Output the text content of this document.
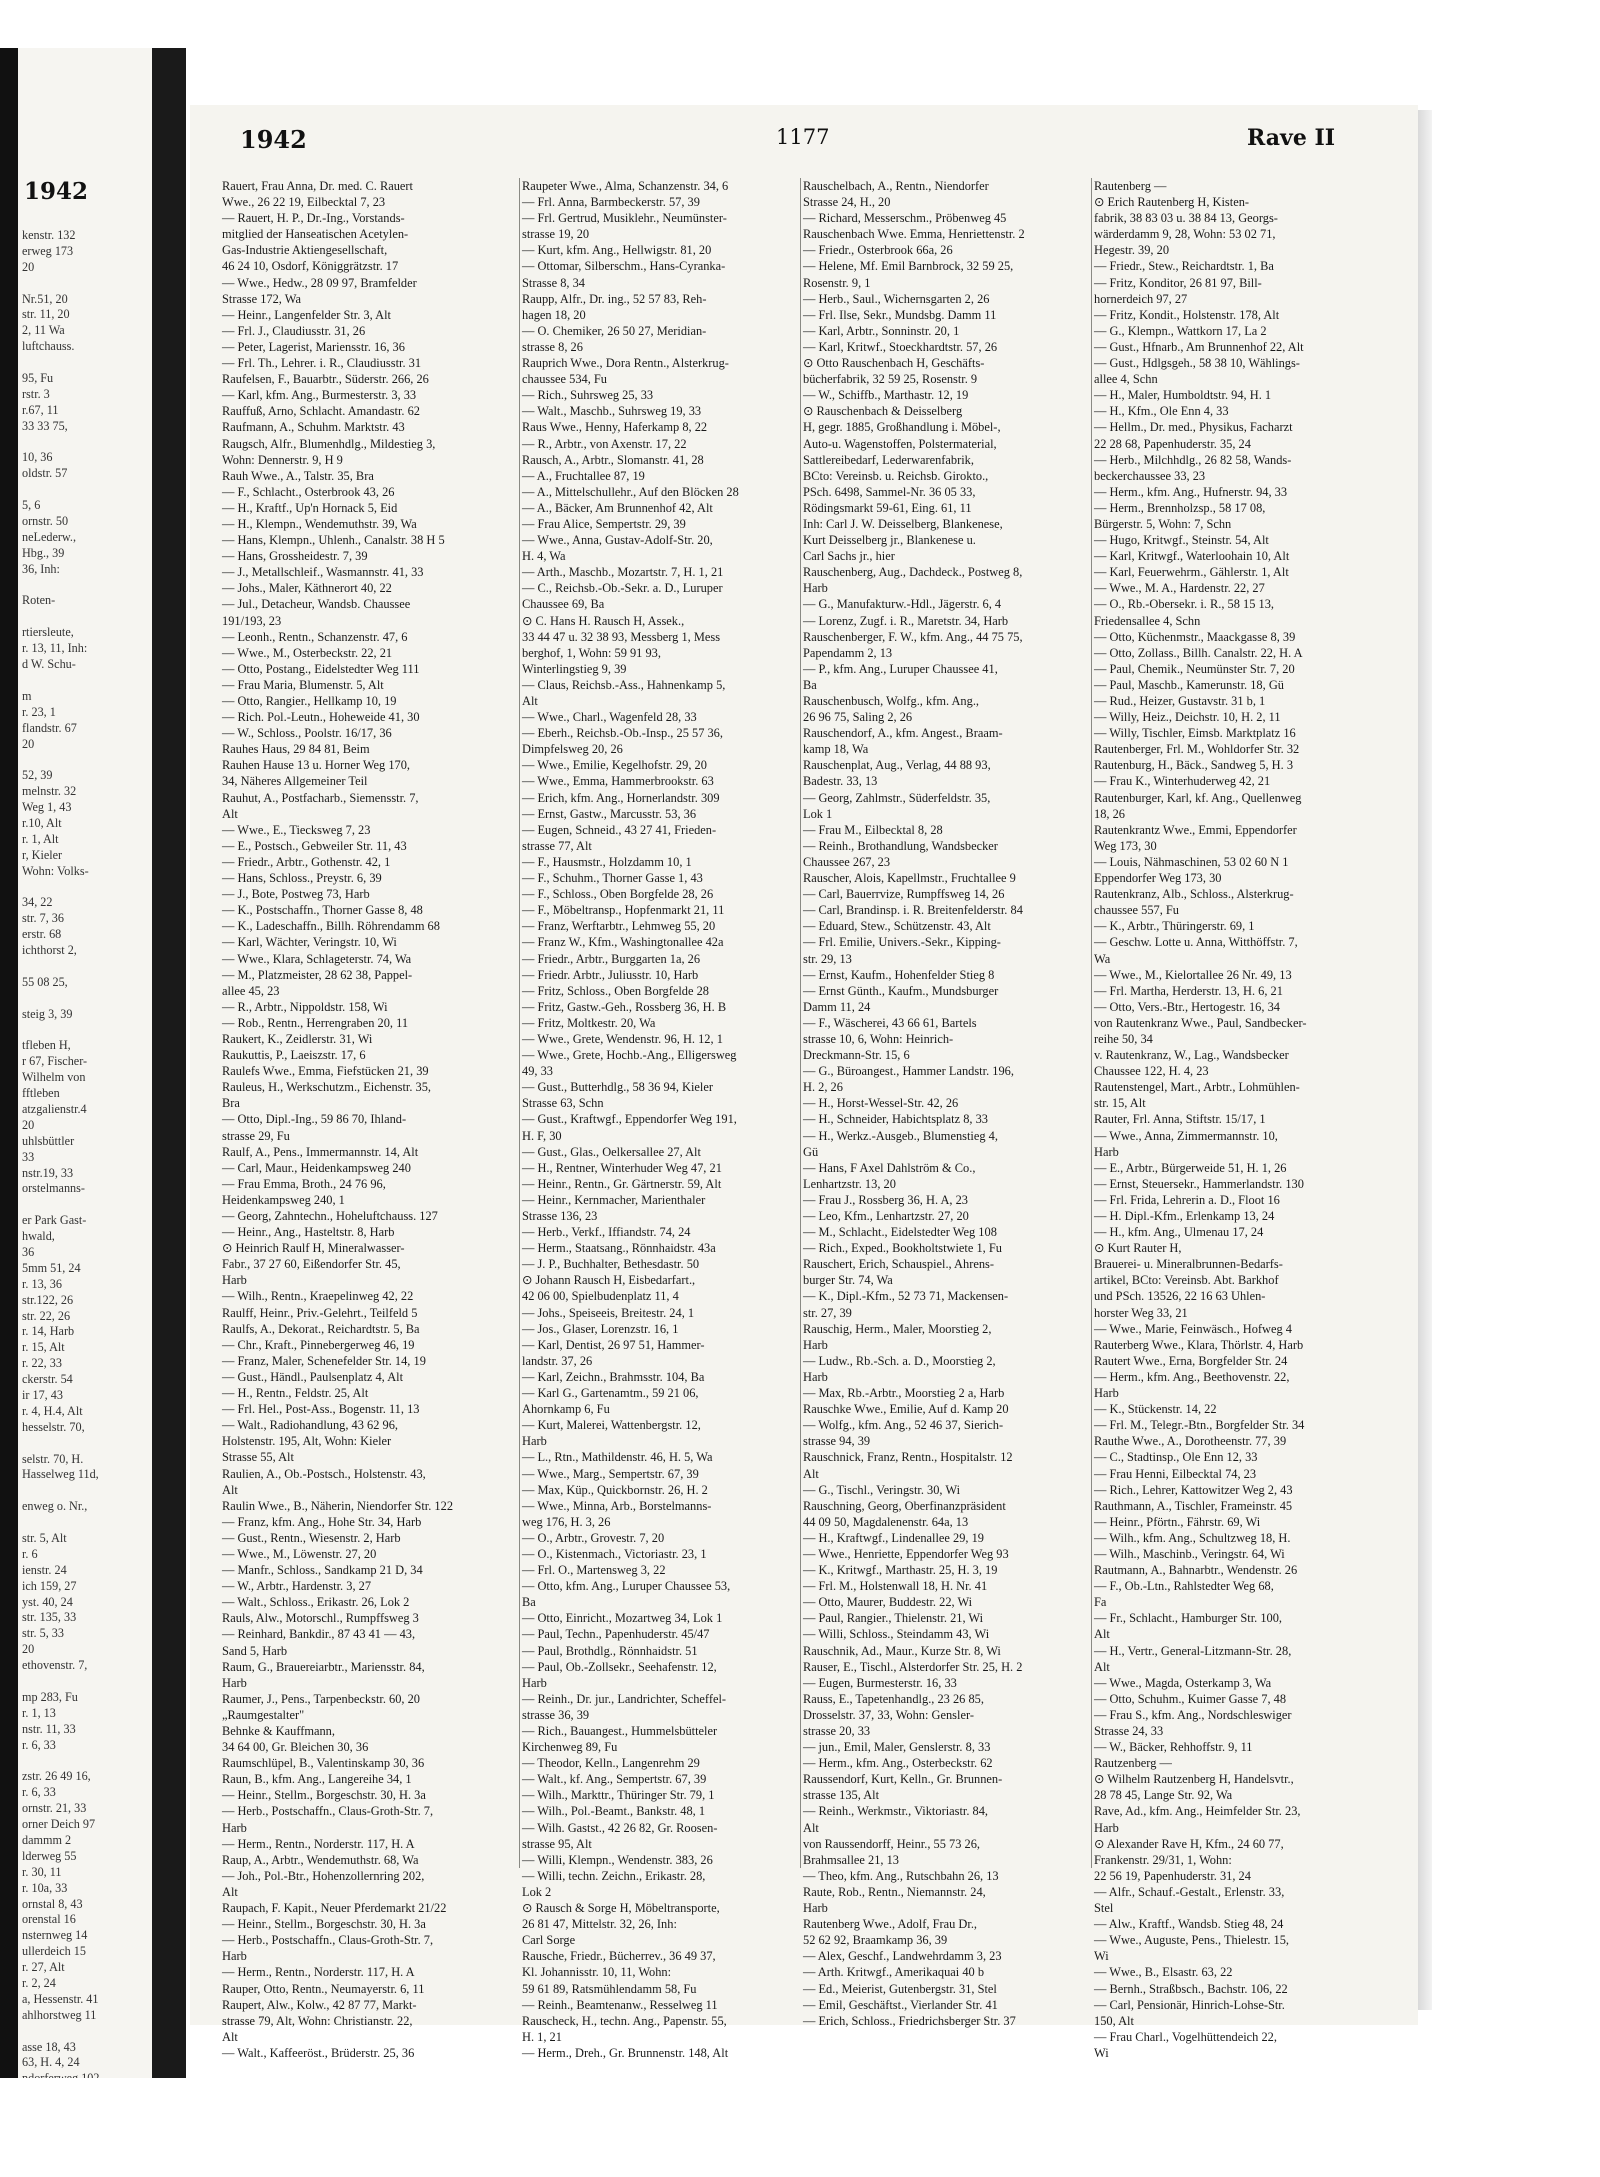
1942
kenstr. 132
erweg 173
20
Nr.51, 20
str. 11, 20
2, 11 Wa
luftchauss.
95, Fu
rstr. 3
r.67, 11
33 33 75,
10, 36
oldstr. 57
5, 6
ornstr. 50
neLederw.,
Hbg., 39
36, Inh:
Roten-
rtiersleute,
r. 13, 11, Inh:
d W. Schu-
m
r. 23, 1
flandstr. 67
20
52, 39
melnstr. 32
Weg 1, 43
r.10, Alt
r. 1, Alt
r, Kieler
Wohn: Volks-
34, 22
str. 7, 36
erstr. 68
ichthorst 2,
55 08 25,
steig 3, 39
tfleben H,
r 67, Fischer-
Wilhelm von
fftleben
atzgalienstr.4
20
uhlsbüttler
33
nstr.19, 33
orstelmanns-
er Park Gast-
hwald,
36
5mm 51, 24
r. 13, 36
str.122, 26
str. 22, 26
r. 14, Harb
r. 15, Alt
r. 22, 33
ckerstr. 54
ir 17, 43
r. 4, H.4, Alt
hesselstr. 70,
selstr. 70, H.
Hasselweg 11d,
enweg o. Nr.,
str. 5, Alt
r. 6
ienstr. 24
ich 159, 27
yst. 40, 24
str. 135, 33
str. 5, 33
20
ethovenstr. 7,
mp 283, Fu
r. 1, 13
nstr. 11, 33
r. 6, 33
zstr. 26 49 16,
r. 6, 33
ornstr. 21, 33
orner Deich 97
dammm 2
lderweg 55
r. 30, 11
r. 10a, 33
ornstal 8, 43
orenstal 16
nsternweg 14
ullerdeich 15
r. 27, Alt
r. 2, 24
a, Hessenstr. 41
ahlhorstweg 11
asse 18, 43
63, H. 4, 24
1942	1177	Rave II
Rauert, Frau Anna, Dr. med. C. Rauert
Wwe., 26 22 19, Eilbecktal 7, 23
— Rauert, H. P., Dr.-Ing., Vorstands-
mitglied der Hanseatischen Acetylen-
Gas-Industrie Aktiengesellschaft,
46 24 10, Osdorf, Königgrätzstr. 17
— Wwe., Hedw., 28 09 97, Bramfelder
Strasse 172, Wa
— Heinr., Langenfelder Str. 3, Alt
— Frl. J., Claudiusstr. 31, 26
— Peter, Lagerist, Mariensstr. 16, 36
— Frl. Th., Lehrer. i. R., Claudiusstr. 31
Raufelsen, F., Bauarbtr., Süderstr. 266, 26
— Karl, kfm. Ang., Burmesterstr. 3, 33
Rauffuß, Arno, Schlacht. Amandastr. 62
Raufmann, A., Schuhm. Marktstr. 43
Raugsch, Alfr., Blumenhdlg., Mildestieg 3,
Wohn: Dennerstr. 9, H 9
Rauh Wwe., A., Talstr. 35, Bra
— F., Schlacht., Osterbrook 43, 26
— H., Kraftf., Up'n Hornack 5, Eid
— H., Klempn., Wendemuthstr. 39, Wa
— Hans, Klempn., Uhlenh., Canalstr. 38 H 5
— Hans, Grossheidestr. 7, 39
— J., Metallschleif., Wasmannstr. 41, 33
— Johs., Maler, Käthnerort 40, 22
— Jul., Detacheur, Wandsb. Chaussee
191/193, 23
— Leonh., Rentn., Schanzenstr. 47, 6
— Wwe., M., Osterbeckstr. 22, 21
— Otto, Postang., Eidelstedter Weg 111
— Frau Maria, Blumenstr. 5, Alt
— Otto, Rangier., Hellkamp 10, 19
— Rich. Pol.-Leutn., Hoheweide 41, 30
— W., Schloss., Poolstr. 16/17, 36
Rauhes Haus, 29 84 81, Beim
Rauhen Hause 13 u. Horner Weg 170,
34, Näheres Allgemeiner Teil
Rauhut, A., Postfacharb., Siemensstr. 7,
Alt
— Wwe., E., Tiecksweg 7, 23
— E., Postsch., Gebweiler Str. 11, 43
— Friedr., Arbtr., Gothenstr. 42, 1
— Hans, Schloss., Preystr. 6, 39
— J., Bote, Postweg 73, Harb
— K., Postschaffn., Thorner Gasse 8, 48
— K., Ladeschaffn., Billh. Röhrendamm 68
— Karl, Wächter, Veringstr. 10, Wi
— Wwe., Klara, Schlageterstr. 74, Wa
— M., Platzmeister, 28 62 38, Pappel-
allee 45, 23
— R., Arbtr., Nippoldstr. 158, Wi
— Rob., Rentn., Herrengraben 20, 11
Raukert, K., Zeidlerstr. 31, Wi
Raukuttis, P., Laeiszstr. 17, 6
Raulefs Wwe., Emma, Fiefstücken 21, 39
Rauleus, H., Werkschutzm., Eichenstr. 35,
Bra
— Otto, Dipl.-Ing., 59 86 70, Ihland-
strasse 29, Fu
Raulf, A., Pens., Immermannstr. 14, Alt
— Carl, Maur., Heidenkampsweg 240
— Frau Emma, Broth., 24 76 96,
Heidenkampsweg 240, 1
— Georg, Zahntechn., Hoheluftchauss. 127
— Heinr., Ang., Hasteltstr. 8, Harb
⊙ Heinrich Raulf H, Mineralwasser-
Fabr., 37 27 60, Eißendorfer Str. 45,
Harb
— Wilh., Rentn., Kraepelinweg 42, 22
Raulff, Heinr., Priv.-Gelehrt., Teilfeld 5
Raulfs, A., Dekorat., Reichardtstr. 5, Ba
— Chr., Kraft., Pinnebergerweg 46, 19
— Franz, Maler, Schenefelder Str. 14, 19
— Gust., Händl., Paulsenplatz 4, Alt
— H., Rentn., Feldstr. 25, Alt
— Frl. Hel., Post-Ass., Bogenstr. 11, 13
— Walt., Radiohandlung, 43 62 96,
Holstenstr. 195, Alt, Wohn: Kieler
Strasse 55, Alt
Raulien, A., Ob.-Postsch., Holstenstr. 43,
Alt
Raulin Wwe., B., Näherin, Niendorfer Str. 122
— Franz, kfm. Ang., Hohe Str. 34, Harb
— Gust., Rentn., Wiesenstr. 2, Harb
— Wwe., M., Löwenstr. 27, 20
— Manfr., Schloss., Sandkamp 21 D, 34
— W., Arbtr., Hardenstr. 3, 27
— Walt., Schloss., Erikastr. 26, Lok 2
Rauls, Alw., Motorschl., Rumpffsweg 3
— Reinhard, Bankdir., 87 43 41 — 43,
Sand 5, Harb
Raum, G., Brauereiarbtr., Mariensstr. 84,
Harb
Raumer, J., Pens., Tarpenbeckstr. 60, 20
„Raumgestalter"
Behnke & Kauffmann,
34 64 00, Gr. Bleichen 30, 36
Raumschlüpel, B., Valentinskamp 30, 36
Raun, B., kfm. Ang., Langereihe 34, 1
— Heinr., Stellm., Borgeschstr. 30, H. 3a
— Herb., Postschaffn., Claus-Groth-Str. 7,
Harb
— Herm., Rentn., Norderstr. 117, H. A
Raup, A., Arbtr., Wendemuthstr. 68, Wa
— Joh., Pol.-Btr., Hohenzollernring 202,
Alt
Raupach, F. Kapit., Neuer Pferdemarkt 21/22
— Heinr., Stellm., Borgeschstr. 30, H. 3a
— Herb., Postschaffn., Claus-Groth-Str. 7,
Harb
— Herm., Rentn., Norderstr. 117, H. A
Rauper, Otto, Rentn., Neumayerstr. 6, 11
Raupert, Alw., Kolw., 42 87 77, Markt-
strasse 79, Alt, Wohn: Christianstr. 22,
Alt
— Walt., Kaffeeröst., Brüderstr. 25, 36
Raupeter Wwe., Alma, Schanzenstr. 34, 6
— Frl. Anna, Barmbeckerstr. 57, 39
— Frl. Gertrud, Musiklehr., Neumünster-
strasse 19, 20
— Kurt, kfm. Ang., Hellwigstr. 81, 20
— Ottomar, Silberschm., Hans-Cyranka-
Strasse 8, 34
Raupp, Alfr., Dr. ing., 52 57 83, Reh-
hagen 18, 20
— O. Chemiker, 26 50 27, Meridian-
strasse 8, 26
Rauprich Wwe., Dora Rentn., Alsterkrug-
chaussee 534, Fu
— Rich., Suhrsweg 25, 33
— Walt., Maschb., Suhrsweg 19, 33
Raus Wwe., Henny, Haferkamp 8, 22
— R., Arbtr., von Axenstr. 17, 22
Rausch, A., Arbtr., Slomanstr. 41, 28
— A., Fruchtallee 87, 19
— A., Mittelschullehr., Auf den Blöcken 28
— A., Bäcker, Am Brunnenhof 42, Alt
— Frau Alice, Sempertstr. 29, 39
— Wwe., Anna, Gustav-Adolf-Str. 20,
H. 4, Wa
— Arth., Maschb., Mozartstr. 7, H. 1, 21
— C., Reichsb.-Ob.-Sekr. a. D., Luruper
Chaussee 69, Ba
⊙ C. Hans H. Rausch H, Assek.,
33 44 47 u. 32 38 93, Messberg 1, Mess
berghof, 1, Wohn: 59 91 93,
Winterlingstieg 9, 39
— Claus, Reichsb.-Ass., Hahnenkamp 5,
Alt
— Wwe., Charl., Wagenfeld 28, 33
— Eberh., Reichsb.-Ob.-Insp., 25 57 36,
Dimpfelsweg 20, 26
— Wwe., Emilie, Kegelhofstr. 29, 20
— Wwe., Emma, Hammerbrookstr. 63
— Erich, kfm. Ang., Hornerlandstr. 309
— Ernst, Gastw., Marcusstr. 53, 36
— Eugen, Schneid., 43 27 41, Frieden-
strasse 77, Alt
— F., Hausmstr., Holzdamm 10, 1
— F., Schuhm., Thorner Gasse 1, 43
— F., Schloss., Oben Borgfelde 28, 26
— F., Möbeltransp., Hopfenmarkt 21, 11
— Franz, Werftarbtr., Lehmweg 55, 20
— Franz W., Kfm., Washingtonallee 42a
— Friedr., Arbtr., Burggarten 1a, 26
— Friedr. Arbtr., Juliusstr. 10, Harb
— Fritz, Schloss., Oben Borgfelde 28
— Fritz, Gastw.-Geh., Rossberg 36, H. B
— Fritz, Moltkestr. 20, Wa
— Wwe., Grete, Wendenstr. 96, H. 12, 1
— Wwe., Grete, Hochb.-Ang., Elligersweg
49, 33
— Gust., Butterhdlg., 58 36 94, Kieler
Strasse 63, Schn
— Gust., Kraftwgf., Eppendorfer Weg 191,
H. F, 30
— Gust., Glas., Oelkersallee 27, Alt
— H., Rentner, Winterhuder Weg 47, 21
— Heinr., Rentn., Gr. Gärtnerstr. 59, Alt
— Heinr., Kernmacher, Marienthaler
Strasse 136, 23
— Herb., Verkf., Iffiandstr. 74, 24
— Herm., Staatsang., Rönnhaidstr. 43a
— J. P., Buchhalter, Bethesdastr. 50
⊙ Johann Rausch H, Eisbedarfart.,
42 06 00, Spielbudenplatz 11, 4
— Johs., Speiseeis, Breitestr. 24, 1
— Jos., Glaser, Lorenzstr. 16, 1
— Karl, Dentist, 26 97 51, Hammer-
landstr. 37, 26
— Karl, Zeichn., Brahmsstr. 104, Ba
— Karl G., Gartenamtm., 59 21 06,
Ahornkamp 6, Fu
— Kurt, Malerei, Wattenbergstr. 12,
Harb
— L., Rtn., Mathildenstr. 46, H. 5, Wa
— Wwe., Marg., Sempertstr. 67, 39
— Max, Küp., Quickbornstr. 26, H. 2
— Wwe., Minna, Arb., Borstelmanns-
weg 176, H. 3, 26
— O., Arbtr., Grovestr. 7, 20
— O., Kistenmach., Victoriastr. 23, 1
— Frl. O., Martensweg 3, 22
— Otto, kfm. Ang., Luruper Chaussee 53,
Ba
— Otto, Einricht., Mozartweg 34, Lok 1
— Paul, Techn., Papenhuderstr. 45/47
— Paul, Brothdlg., Rönnhaidstr. 51
— Paul, Ob.-Zollsekr., Seehafenstr. 12,
Harb
— Reinh., Dr. jur., Landrichter, Scheffel-
strasse 36, 39
— Rich., Bauangest., Hummelsbütteler
Kirchenweg 89, Fu
— Theodor, Kelln., Langenrehm 29
— Walt., kf. Ang., Sempertstr. 67, 39
— Wilh., Markttr., Thüringer Str. 79, 1
— Wilh., Pol.-Beamt., Bankstr. 48, 1
— Wilh. Gastst., 42 26 82, Gr. Roosen-
strasse 95, Alt
— Willi, Klempn., Wendenstr. 383, 26
— Willi, techn. Zeichn., Erikastr. 28,
Lok 2
⊙ Rausch & Sorge H, Möbeltransporte,
26 81 47, Mittelstr. 32, 26, Inh:
Carl Sorge
Rausche, Friedr., Bücherrev., 36 49 37,
Kl. Johannisstr. 10, 11, Wohn:
59 61 89, Ratsmühlendamm 58, Fu
— Reinh., Beamtenanw., Resselweg 11
Rauscheck, H., techn. Ang., Papenstr. 55,
H. 1, 21
— Herm., Dreh., Gr. Brunnenstr. 148, Alt
Rauschelbach, A., Rentn., Niendorfer
Strasse 24, H., 20
— Richard, Messerschm., Pröbenweg 45
Rauschenbach Wwe. Emma, Henriettenstr. 2
— Friedr., Osterbrook 66a, 26
— Helene, Mf. Emil Barnbrock, 32 59 25,
Rosenstr. 9, 1
— Herb., Saul., Wichernsgarten 2, 26
— Frl. Ilse, Sekr., Mundsbg. Damm 11
— Karl, Arbtr., Sonninstr. 20, 1
— Karl, Kritwf., Stoeckhardtstr. 57, 26
⊙ Otto Rauschenbach H, Geschäfts-
bücherfabrik, 32 59 25, Rosenstr. 9
— W., Schiffb., Marthastr. 12, 19
⊙ Rauschenbach & Deisselberg
H, gegr. 1885, Großhandlung i. Möbel-,
Auto-u. Wagenstoffen, Polstermaterial,
Sattlereibedarf, Lederwarenfabrik,
BCto: Vereinsb. u. Reichsb. Girokto.,
PSch. 6498, Sammel-Nr. 36 05 33,
Rödingsmarkt 59-61, Eing. 61, 11
Inh: Carl J. W. Deisselberg, Blankenese,
Kurt Deisselberg jr., Blankenese u.
Carl Sachs jr., hier
Rauschenberg, Aug., Dachdeck., Postweg 8,
Harb
— G., Manufakturw.-Hdl., Jägerstr. 6, 4
— Lorenz, Zugf. i. R., Maretstr. 34, Harb
Rauschenberger, F. W., kfm. Ang., 44 75 75,
Papendamm 2, 13
— P., kfm. Ang., Luruper Chaussee 41,
Ba
Rauschenbusch, Wolfg., kfm. Ang.,
26 96 75, Saling 2, 26
Rauschendorf, A., kfm. Angest., Braam-
kamp 18, Wa
Rauschenplat, Aug., Verlag, 44 88 93,
Badestr. 33, 13
— Georg, Zahlmstr., Süderfeldstr. 35,
Lok 1
— Frau M., Eilbecktal 8, 28
— Reinh., Brothandlung, Wandsbecker
Chaussee 267, 23
Rauscher, Alois, Kapellmstr., Fruchtallee 9
— Carl, Bauerrvize, Rumpffsweg 14, 26
— Carl, Brandinsp. i. R. Breitenfelderstr. 84
— Eduard, Stew., Schützenstr. 43, Alt
— Frl. Emilie, Univers.-Sekr., Kipping-
str. 29, 13
— Ernst, Kaufm., Hohenfelder Stieg 8
— Ernst Günth., Kaufm., Mundsburger
Damm 11, 24
— F., Wäscherei, 43 66 61, Bartels
strasse 10, 6, Wohn: Heinrich-
Dreckmann-Str. 15, 6
— G., Büroangest., Hammer Landstr. 196,
H. 2, 26
— H., Horst-Wessel-Str. 42, 26
— H., Schneider, Habichtsplatz 8, 33
— H., Werkz.-Ausgeb., Blumenstieg 4,
Gü
— Hans, F Axel Dahlström & Co.,
Lenhartzstr. 13, 20
— Frau J., Rossberg 36, H. A, 23
— Leo, Kfm., Lenhartzstr. 27, 20
— M., Schlacht., Eidelstedter Weg 108
— Rich., Exped., Bookholtstwiete 1, Fu
Rauschert, Erich, Schauspiel., Ahrens-
burger Str. 74, Wa
— K., Dipl.-Kfm., 52 73 71, Mackensen-
str. 27, 39
Rauschig, Herm., Maler, Moorstieg 2,
Harb
— Ludw., Rb.-Sch. a. D., Moorstieg 2,
Harb
— Max, Rb.-Arbtr., Moorstieg 2 a, Harb
Rauschke Wwe., Emilie, Auf d. Kamp 20
— Wolfg., kfm. Ang., 52 46 37, Sierich-
strasse 94, 39
Rauschnick, Franz, Rentn., Hospitalstr. 12
Alt
— G., Tischl., Veringstr. 30, Wi
Rauschning, Georg, Oberfinanzpräsident
44 09 50, Magdalenenstr. 64a, 13
— H., Kraftwgf., Lindenallee 29, 19
— Wwe., Henriette, Eppendorfer Weg 93
— K., Kritwgf., Marthastr. 25, H. 3, 19
— Frl. M., Holstenwall 18, H. Nr. 41
— Otto, Maurer, Buddestr. 22, Wi
— Paul, Rangier., Thielenstr. 21, Wi
— Willi, Schloss., Steindamm 43, Wi
Rauschnik, Ad., Maur., Kurze Str. 8, Wi
Rauser, E., Tischl., Alsterdorfer Str. 25, H. 2
— Eugen, Burmesterstr. 16, 33
Rauss, E., Tapetenhandlg., 23 26 85,
Drosselstr. 37, 33, Wohn: Gensler-
strasse 20, 33
— jun., Emil, Maler, Genslerstr. 8, 33
— Herm., kfm. Ang., Osterbeckstr. 62
Raussendorf, Kurt, Kelln., Gr. Brunnen-
strasse 135, Alt
— Reinh., Werkmstr., Viktoriastr. 84,
Alt
von Raussendorff, Heinr., 55 73 26,
Brahmsallee 21, 13
— Theo, kfm. Ang., Rutschbahn 26, 13
Raute, Rob., Rentn., Niemannstr. 24,
Harb
Rautenberg Wwe., Adolf, Frau Dr.,
52 62 92, Braamkamp 36, 39
— Alex, Geschf., Landwehrdamm 3, 23
— Arth. Kritwgf., Amerikaquai 40 b
— Ed., Meierist, Gutenbergstr. 31, Stel
— Emil, Geschäftst., Vierlander Str. 41
— Erich, Schloss., Friedrichsberger Str. 37
Rautenberg —
⊙ Erich Rautenberg H, Kisten-
fabrik, 38 83 03 u. 38 84 13, Georgs-
wärderdamm 9, 28, Wohn: 53 02 71,
Hegestr. 39, 20
— Friedr., Stew., Reichardtstr. 1, Ba
— Fritz, Konditor, 26 81 97, Bill-
hornerdeich 97, 27
— Fritz, Kondit., Holstenstr. 178, Alt
— G., Klempn., Wattkorn 17, La 2
— Gust., Hfnarb., Am Brunnenhof 22, Alt
— Gust., Hdlgsgeh., 58 38 10, Wählings-
allee 4, Schn
— H., Maler, Humboldtstr. 94, H. 1
— H., Kfm., Ole Enn 4, 33
— Hellm., Dr. med., Physikus, Facharzt
22 28 68, Papenhuderstr. 35, 24
— Herb., Milchhdlg., 26 82 58, Wands-
beckerchaussee 33, 23
— Herm., kfm. Ang., Hufnerstr. 94, 33
— Herm., Brennholzsp., 58 17 08,
Bürgerstr. 5, Wohn: 7, Schn
— Hugo, Kritwgf., Steinstr. 54, Alt
— Karl, Kritwgf., Waterloohain 10, Alt
— Karl, Feuerwehrm., Gählerstr. 1, Alt
— Wwe., M. A., Hardenstr. 22, 27
— O., Rb.-Obersekr. i. R., 58 15 13,
Friedensallee 4, Schn
— Otto, Küchenmstr., Maackgasse 8, 39
— Otto, Zollass., Billh. Canalstr. 22, H. A
— Paul, Chemik., Neumünster Str. 7, 20
— Paul, Maschb., Kamerunstr. 18, Gü
— Rud., Heizer, Gustavstr. 31 b, 1
— Willy, Heiz., Deichstr. 10, H. 2, 11
— Willy, Tischler, Eimsb. Marktplatz 16
Rautenberger, Frl. M., Wohldorfer Str. 32
Rautenburg, H., Bäck., Sandweg 5, H. 3
— Frau K., Winterhuderweg 42, 21
Rautenburger, Karl, kf. Ang., Quellenweg
18, 26
Rautenkrantz Wwe., Emmi, Eppendorfer
Weg 173, 30
— Louis, Nähmaschinen, 53 02 60 N 1
Eppendorfer Weg 173, 30
Rautenkranz, Alb., Schloss., Alsterkrug-
chaussee 557, Fu
— K., Arbtr., Thüringerstr. 69, 1
— Geschw. Lotte u. Anna, Witthöffstr. 7,
Wa
— Wwe., M., Kielortallee 26 Nr. 49, 13
— Frl. Martha, Herderstr. 13, H. 6, 21
— Otto, Vers.-Btr., Hertogestr. 16, 34
von Rautenkranz Wwe., Paul, Sandbecker-
reihe 50, 34
v. Rautenkranz, W., Lag., Wandsbecker
Chaussee 122, H. 4, 23
Rautenstengel, Mart., Arbtr., Lohmühlen-
str. 15, Alt
Rauter, Frl. Anna, Stiftstr. 15/17, 1
— Wwe., Anna, Zimmermannstr. 10,
Harb
— E., Arbtr., Bürgerweide 51, H. 1, 26
— Ernst, Steuersekr., Hammerlandstr. 130
— Frl. Frida, Lehrerin a. D., Floot 16
— H. Dipl.-Kfm., Erlenkamp 13, 24
— H., kfm. Ang., Ulmenau 17, 24
⊙ Kurt Rauter H,
Brauerei- u. Mineralbrunnen-Bedarfs-
artikel, BCto: Vereinsb. Abt. Barkhof
und PSch. 13526, 22 16 63 Uhlen-
horster Weg 33, 21
— Wwe., Marie, Feinwäsch., Hofweg 4
Rauterberg Wwe., Klara, Thörlstr. 4, Harb
Rautert Wwe., Erna, Borgfelder Str. 24
— Herm., kfm. Ang., Beethovenstr. 22,
Harb
— K., Stückenstr. 14, 22
— Frl. M., Telegr.-Btn., Borgfelder Str. 34
Rauthe Wwe., A., Dorotheenstr. 77, 39
— C., Stadtinsp., Ole Enn 12, 33
— Frau Henni, Eilbecktal 74, 23
— Rich., Lehrer, Kattowitzer Weg 2, 43
Rauthmann, A., Tischler, Frameinstr. 45
— Heinr., Pförtn., Fährstr. 69, Wi
— Wilh., kfm. Ang., Schultzweg 18, H.
— Wilh., Maschinb., Veringstr. 64, Wi
Rautmann, A., Bahnarbtr., Wendenstr. 26
— F., Ob.-Ltn., Rahlstedter Weg 68,
Fa
— Fr., Schlacht., Hamburger Str. 100,
Alt
— H., Vertr., General-Litzmann-Str. 28,
Alt
— Wwe., Magda, Osterkamp 3, Wa
— Otto, Schuhm., Kuimer Gasse 7, 48
— Frau S., kfm. Ang., Nordschleswiger
Strasse 24, 33
— W., Bäcker, Rehhoffstr. 9, 11
Rautzenberg —
⊙ Wilhelm Rautzenberg H, Handelsvtr.,
28 78 45, Lange Str. 92, Wa
Rave, Ad., kfm. Ang., Heimfelder Str. 23,
Harb
⊙ Alexander Rave H, Kfm., 24 60 77,
Frankenstr. 29/31, 1, Wohn:
22 56 19, Papenhuderstr. 31, 24
— Alfr., Schauf.-Gestalt., Erlenstr. 33,
Stel
— Alw., Kraftf., Wandsb. Stieg 48, 24
— Wwe., Auguste, Pens., Thielestr. 15,
Wi
— Wwe., B., Elsastr. 63, 22
— Bernh., Straßbsch., Bachstr. 106, 22
— Carl, Pensionär, Hinrich-Lohse-Str.
150, Alt
— Frau Charl., Vogelhüttendeich 22,
Wi
